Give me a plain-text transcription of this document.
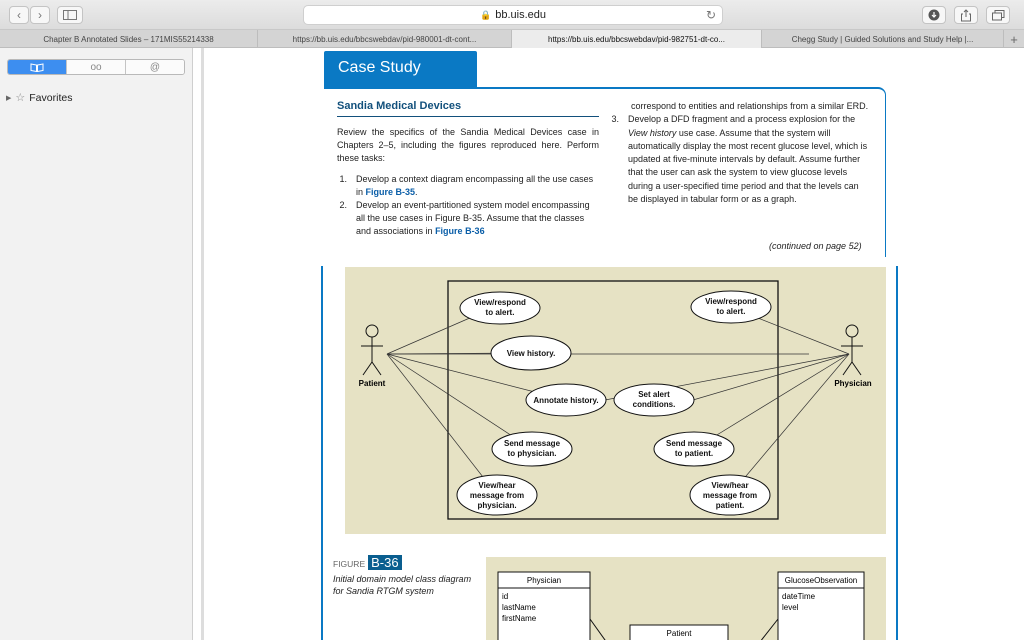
‹ ›	🔒 bb.uis.edu	↻
Chapter B Annotated Slides – 171MIS55214338	https://bb.uis.edu/bbcswebdav/pid-980001-dt-cont...	https://bb.uis.edu/bbcswebdav/pid-982751-dt-co...	Chegg Study | Guided Solutions and Study Help |...	+
oo	@
▶ ☆ Favorites
Case Study
Sandia Medical Devices

Review the specifics of the Sandia Medical Devices case in Chapters 2–5, including the figures reproduced here. Perform these tasks:

1. Develop a context diagram encompassing all the use cases in Figure B-35.
2. Develop an event-partitioned system model encompassing all the use cases in Figure B-35. Assume that the classes and associations in Figure B-36
correspond to entities and relationships from a similar ERD.
3. Develop a DFD fragment and a process explosion for the View history use case. Assume that the system will automatically display the most recent glucose level, which is updated at five-minute intervals by default. Assume further that the user can ask the system to view glucose levels during a user-specified time period and that the levels can be displayed in tabular form or as a graph.
(continued on page 52)
Patient	Physician
View/respond
to alert.
View/respond
to alert.
View history.
Annotate history.
Set alert
conditions.
Send message
to physician.
Send message
to patient.
View/hear
message from
physician.
View/hear
message from
patient.
FIGURE B-36
Initial domain model class diagram for Sandia RTGM system
Physician
id
lastName
firstName
GlucoseObservation
dateTime
level
Patient
